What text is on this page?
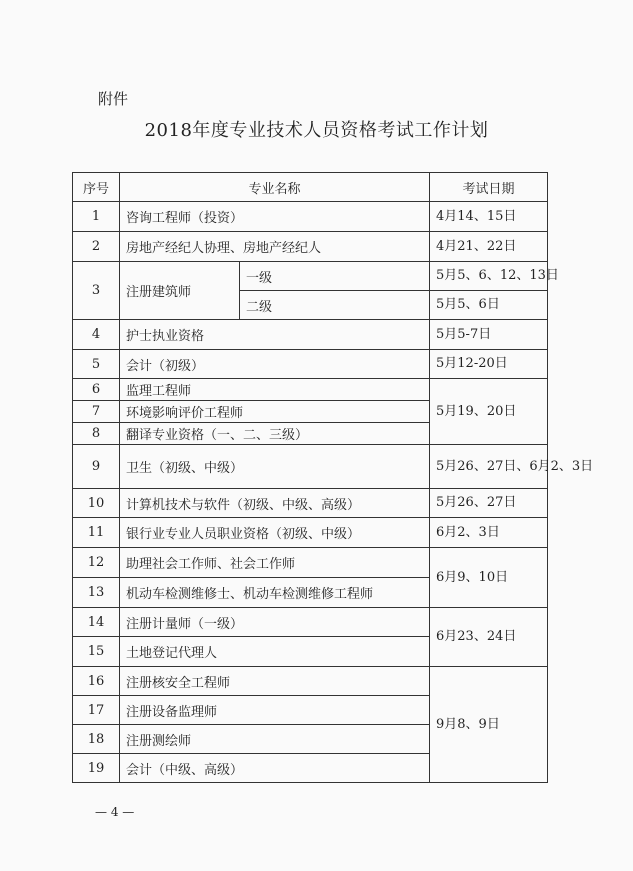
附件
2018年度专业技术人员资格考试工作计划
序号	专业名称		考试日期
1	咨询工程师（投资）		4月14、15日
2	房地产经纪人协理、房地产经纪人		4月21、22日
3	注册建筑师	一级	5月5、6、12、13日
		二级	5月5、6日
4	护士执业资格		5月5-7日
5	会计（初级）		5月12-20日
6	监理工程师		5月19、20日
7	环境影响评价工程师		
8	翻译专业资格（一、二、三级）		
9	卫生（初级、中级）		5月26、27日、6月2、3日
10	计算机技术与软件（初级、中级、高级）		5月26、27日
11	银行业专业人员职业资格（初级、中级）		6月2、3日
12	助理社会工作师、社会工作师		6月9、10日
13	机动车检测维修士、机动车检测维修工程师		
14	注册计量师（一级）		6月23、24日
15	土地登记代理人		
16	注册核安全工程师		9月8、9日
17	注册设备监理师		
18	注册测绘师		
19	会计（中级、高级）		
— 4 —
